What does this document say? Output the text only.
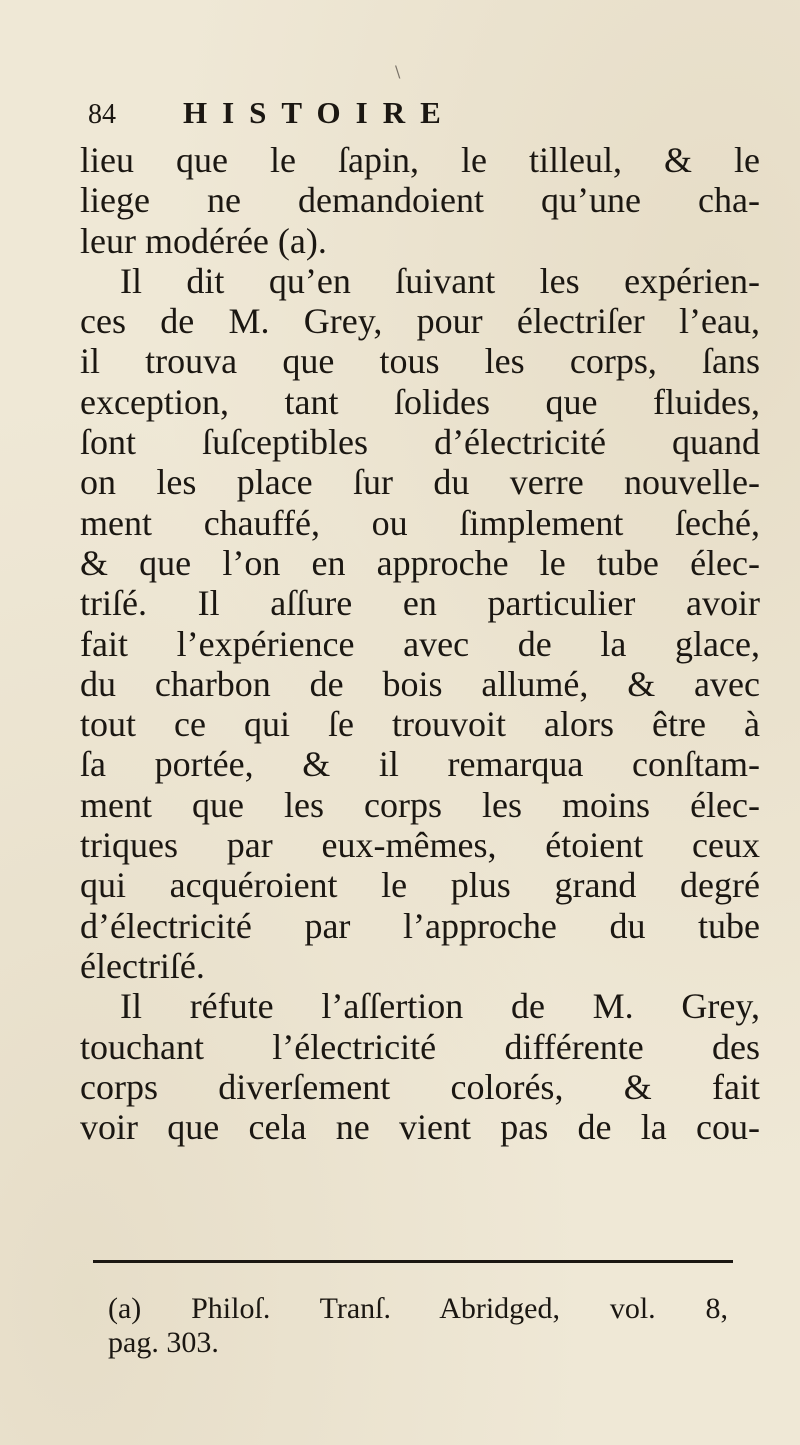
\
84 HISTOIRE
lieu que le ſapin, le tilleul, & le
liege ne demandoient qu’une cha-
leur modérée (a).
Il dit qu’en ſuivant les expérien-
ces de M. Grey, pour électriſer l’eau,
il trouva que tous les corps, ſans
exception, tant ſolides que fluides,
ſont ſuſceptibles d’électricité quand
on les place ſur du verre nouvelle-
ment chauffé, ou ſimplement ſeché,
& que l’on en approche le tube élec-
triſé. Il aſſure en particulier avoir
fait l’expérience avec de la glace,
du charbon de bois allumé, & avec
tout ce qui ſe trouvoit alors être à
ſa portée, & il remarqua conſtam-
ment que les corps les moins élec-
triques par eux-mêmes, étoient ceux
qui acquéroient le plus grand degré
d’électricité par l’approche du tube
électriſé.
Il réfute l’aſſertion de M. Grey,
touchant l’électricité différente des
corps diverſement colorés, & fait
voir que cela ne vient pas de la cou-
(a) Philoſ. Tranſ. Abridged, vol. 8,
pag. 303.
